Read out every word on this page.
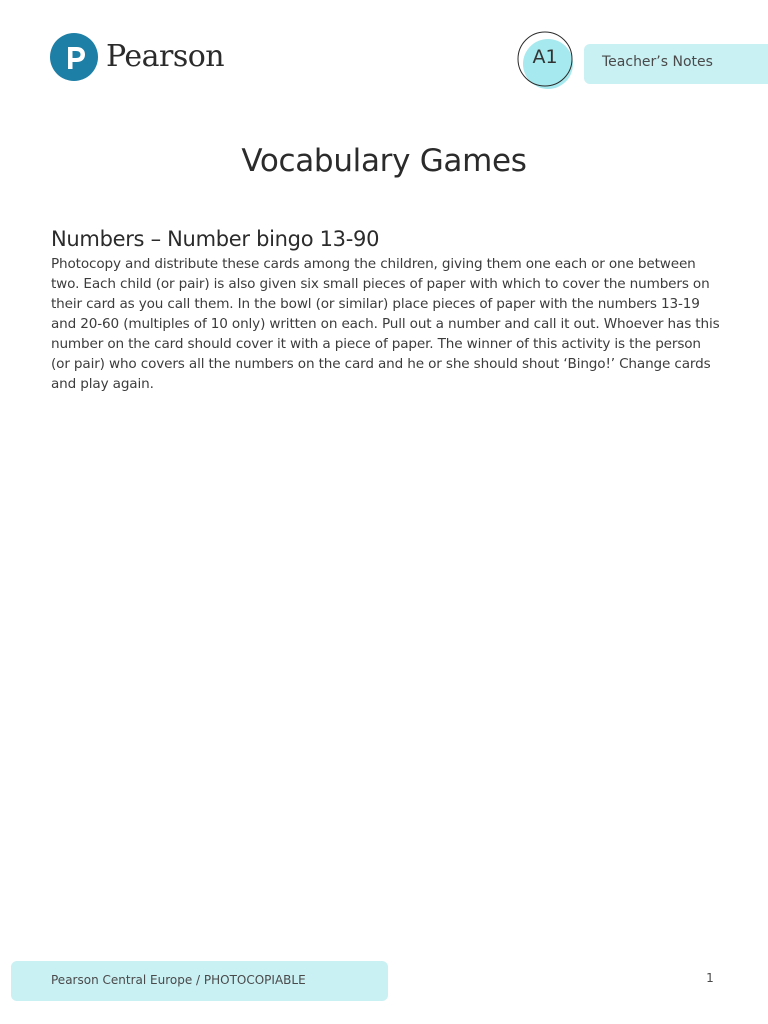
Pearson	A1	Teacher’s Notes
Vocabulary Games
Numbers – Number bingo 13-90

Photocopy and distribute these cards among the children, giving them one each or one between two. Each child (or pair) is also given six small pieces of paper with which to cover the numbers on their card as you call them. In the bowl (or similar) place pieces of paper with the numbers 13-19 and 20-60 (multiples of 10 only) written on each. Pull out a number and call it out. Whoever has this number on the card should cover it with a piece of paper. The winner of this activity is the person (or pair) who covers all the numbers on the card and he or she should shout ‘Bingo!’ Change cards and play again.

Pearson Central Europe / PHOTOCOPIABLE	1
